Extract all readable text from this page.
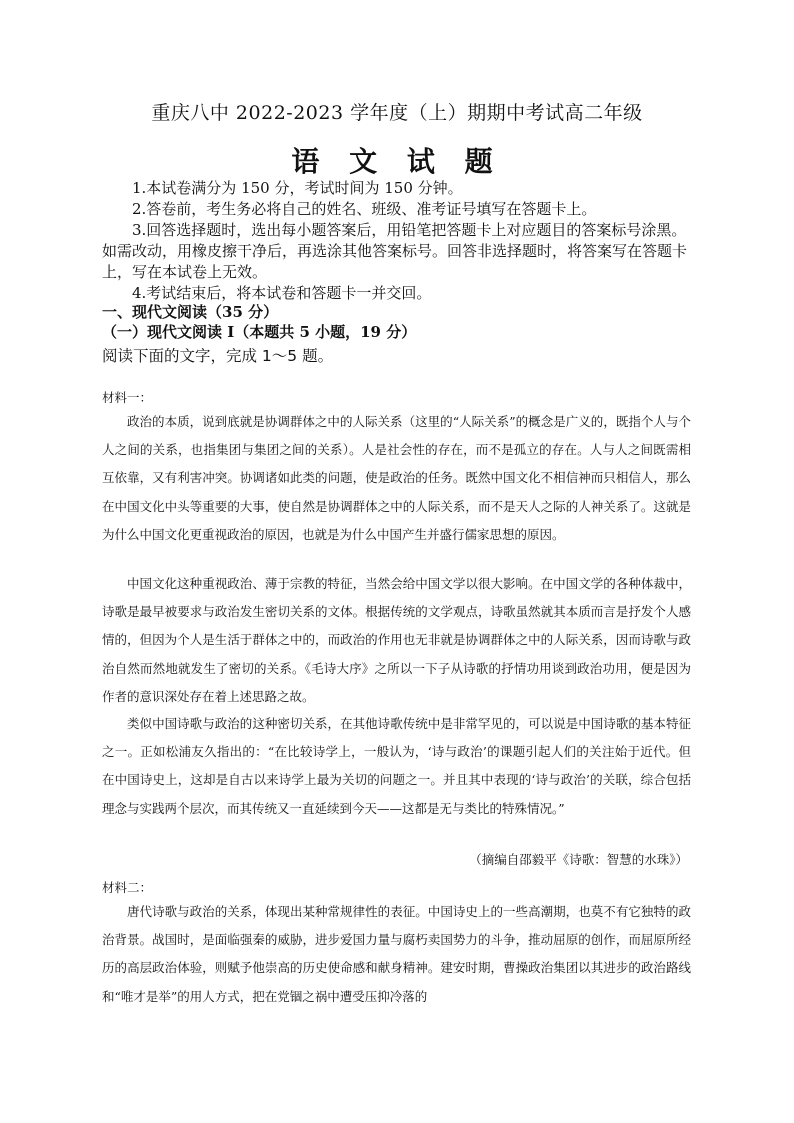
重庆八中 2022-2023 学年度（上）期期中考试高二年级
语 文 试 题

1.本试卷满分为 150 分，考试时间为 150 分钟。

2.答卷前，考生务必将自己的姓名、班级、准考证号填写在答题卡上。

3.回答选择题时，选出每小题答案后，用铅笔把答题卡上对应题目的答案标号涂黑。如需改动，用橡皮擦干净后，再选涂其他答案标号。回答非选择题时，将答案写在答题卡上，写在本试卷上无效。

4.考试结束后，将本试卷和答题卡一并交回。

一、现代文阅读（35 分）
（一）现代文阅读 I（本题共 5 小题，19 分）
阅读下面的文字，完成 1～5 题。
材料一：

政治的本质，说到底就是协调群体之中的人际关系（这里的“人际关系”的概念是广义的，既指个人与个人之间的关系，也指集团与集团之间的关系）。人是社会性的存在，而不是孤立的存在。人与人之间既需相互依靠，又有利害冲突。协调诸如此类的问题，使是政治的任务。既然中国文化不相信神而只相信人，那么在中国文化中头等重要的大事，使自然是协调群体之中的人际关系，而不是天人之际的人神关系了。这就是为什么中国文化更重视政治的原因，也就是为什么中国产生并盛行儒家思想的原因。

中国文化这种重视政治、薄于宗教的特征，当然会给中国文学以很大影响。在中国文学的各种体裁中，诗歌是最早被要求与政治发生密切关系的文体。根据传统的文学观点，诗歌虽然就其本质而言是抒发个人感情的，但因为个人是生活于群体之中的，而政治的作用也无非就是协调群体之中的人际关系，因而诗歌与政治自然而然地就发生了密切的关系。《毛诗大序》之所以一下子从诗歌的抒情功用谈到政治功用，便是因为作者的意识深处存在着上述思路之故。

类似中国诗歌与政治的这种密切关系，在其他诗歌传统中是非常罕见的，可以说是中国诗歌的基本特征之一。正如松浦友久指出的：“在比较诗学上，一般认为，‘诗与政治’的课题引起人们的关注始于近代。但在中国诗史上，这却是自古以来诗学上最为关切的问题之一。并且其中表现的‘诗与政治’的关联，综合包括理念与实践两个层次，而其传统又一直延续到今天——这都是无与类比的特殊情况。”

（摘编自邵毅平《诗歌：智慧的水珠》）
材料二：

唐代诗歌与政治的关系，体现出某种常规律性的表征。中国诗史上的一些高潮期，也莫不有它独特的政治背景。战国时，是面临强秦的威胁，进步爱国力量与腐朽卖国势力的斗争，推动屈原的创作，而屈原所经历的高层政治体验，则赋予他崇高的历史使命感和献身精神。建安时期，曹操政治集团以其进步的政治路线和“唯才是举”的用人方式，把在党锢之祸中遭受压抑冷落的
